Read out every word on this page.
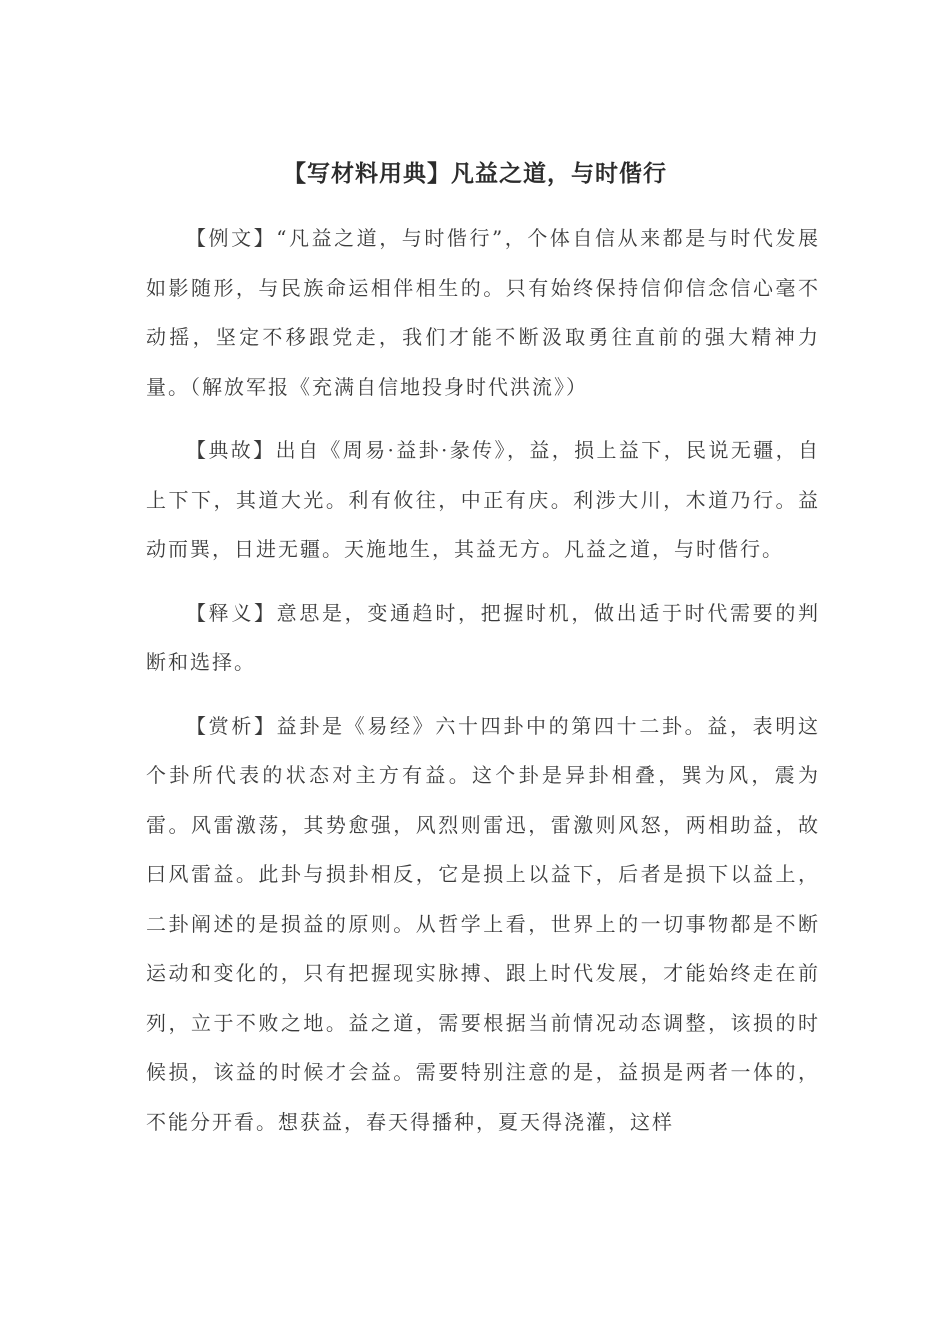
【写材料用典】凡益之道，与时偕行

【例文】“凡益之道，与时偕行”，个体自信从来都是与时代发展如影随形，与民族命运相伴相生的。只有始终保持信仰信念信心毫不动摇，坚定不移跟党走，我们才能不断汲取勇往直前的强大精神力量。（解放军报《充满自信地投身时代洪流》）

【典故】出自《周易·益卦·彖传》，益，损上益下，民说无疆，自上下下，其道大光。利有攸往，中正有庆。利涉大川，木道乃行。益动而巽，日进无疆。天施地生，其益无方。凡益之道，与时偕行。

【释义】意思是，变通趋时，把握时机，做出适于时代需要的判断和选择。

【赏析】益卦是《易经》六十四卦中的第四十二卦。益，表明这个卦所代表的状态对主方有益。这个卦是异卦相叠，巽为风，震为雷。风雷激荡，其势愈强，风烈则雷迅，雷激则风怒，两相助益，故曰风雷益。此卦与损卦相反，它是损上以益下，后者是损下以益上，二卦阐述的是损益的原则。从哲学上看，世界上的一切事物都是不断运动和变化的，只有把握现实脉搏、跟上时代发展，才能始终走在前列，立于不败之地。益之道，需要根据当前情况动态调整，该损的时候损，该益的时候才会益。需要特别注意的是，益损是两者一体的，不能分开看。想获益，春天得播种，夏天得浇灌，这样
